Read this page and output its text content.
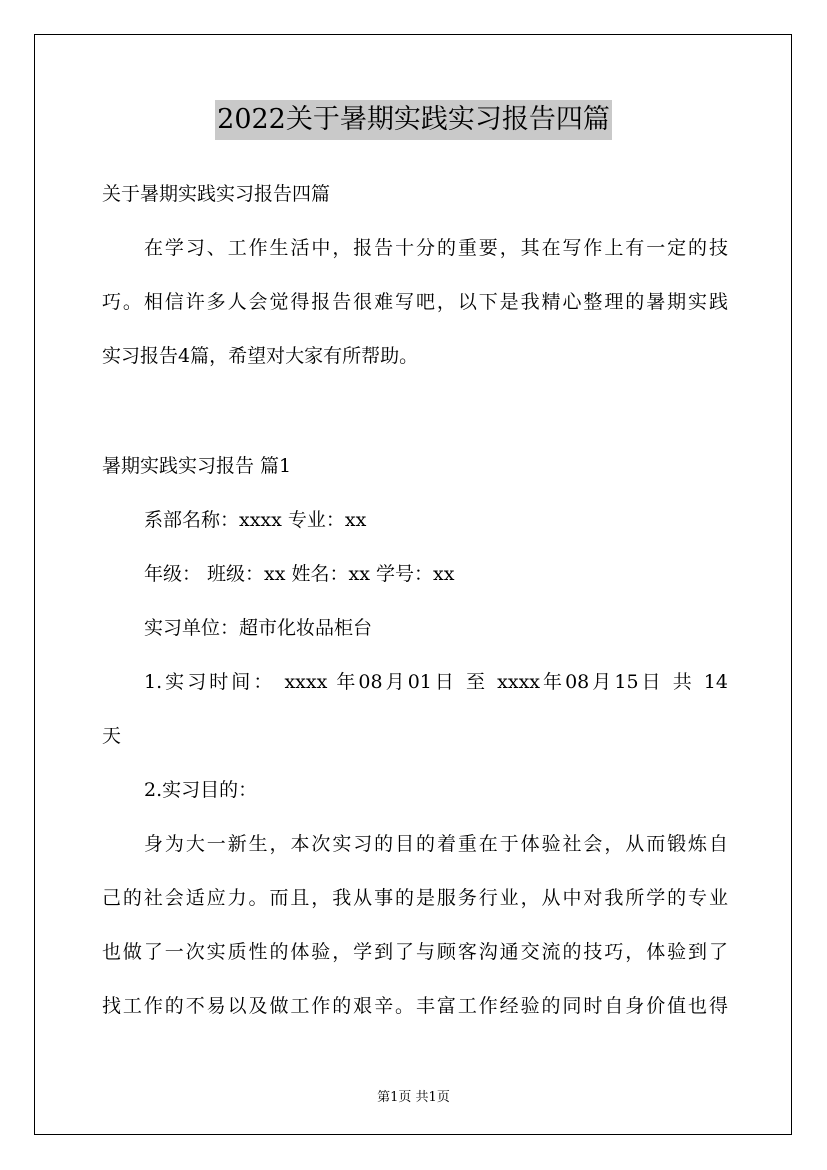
2022关于暑期实践实习报告四篇
关于暑期实践实习报告四篇
在学习、工作生活中，报告十分的重要，其在写作上有一定的技
巧。相信许多人会觉得报告很难写吧，以下是我精心整理的暑期实践
实习报告4篇，希望对大家有所帮助。
暑期实践实习报告 篇1
系部名称：xxxx 专业：xx
年级： 班级：xx 姓名：xx 学号：xx
实习单位：超市化妆品柜台
1.实习时间： xxxx 年08月01日 至 xxxx年08月15日 共 14
天
2.实习目的：
身为大一新生，本次实习的目的着重在于体验社会，从而锻炼自
己的社会适应力。而且，我从事的是服务行业，从中对我所学的专业
也做了一次实质性的体验，学到了与顾客沟通交流的技巧，体验到了
找工作的不易以及做工作的艰辛。丰富工作经验的同时自身价值也得
第1页 共1页
